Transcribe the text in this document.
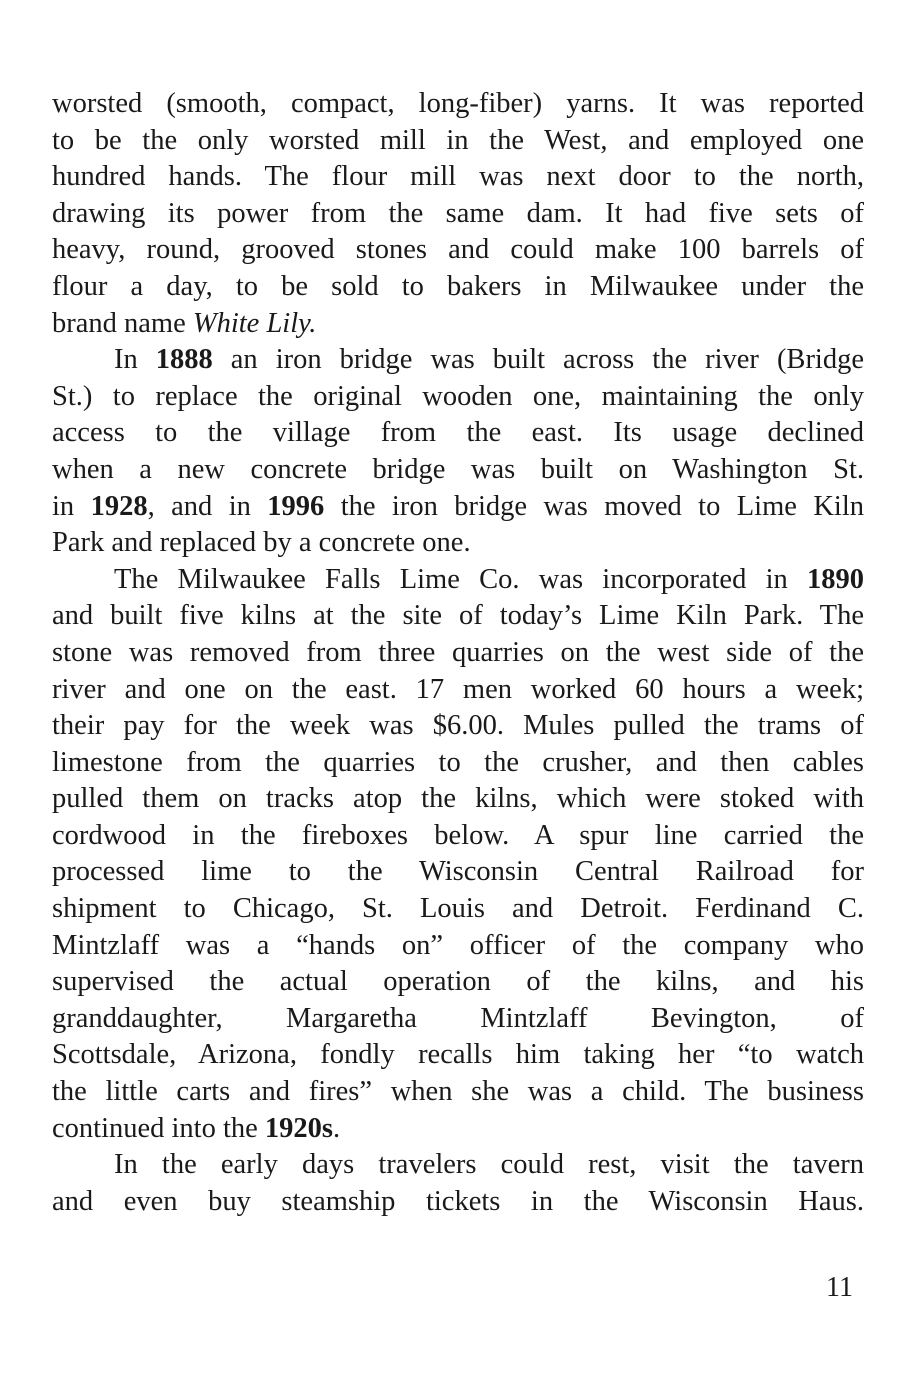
worsted (smooth, compact, long-fiber) yarns. It was reported
to be the only worsted mill in the West, and employed one
hundred hands. The flour mill was next door to the north,
drawing its power from the same dam. It had five sets of
heavy, round, grooved stones and could make 100 barrels of
flour a day, to be sold to bakers in Milwaukee under the
brand name White Lily.
In 1888 an iron bridge was built across the river (Bridge
St.) to replace the original wooden one, maintaining the only
access to the village from the east. Its usage declined
when a new concrete bridge was built on Washington St.
in 1928, and in 1996 the iron bridge was moved to Lime Kiln
Park and replaced by a concrete one.
The Milwaukee Falls Lime Co. was incorporated in 1890
and built five kilns at the site of today’s Lime Kiln Park. The
stone was removed from three quarries on the west side of the
river and one on the east. 17 men worked 60 hours a week;
their pay for the week was $6.00. Mules pulled the trams of
limestone from the quarries to the crusher, and then cables
pulled them on tracks atop the kilns, which were stoked with
cordwood in the fireboxes below. A spur line carried the
processed lime to the Wisconsin Central Railroad for
shipment to Chicago, St. Louis and Detroit. Ferdinand C.
Mintzlaff was a “hands on” officer of the company who
supervised the actual operation of the kilns, and his
granddaughter, Margaretha Mintzlaff Bevington, of
Scottsdale, Arizona, fondly recalls him taking her “to watch
the little carts and fires” when she was a child. The business
continued into the 1920s.
In the early days travelers could rest, visit the tavern
and even buy steamship tickets in the Wisconsin Haus.
11
